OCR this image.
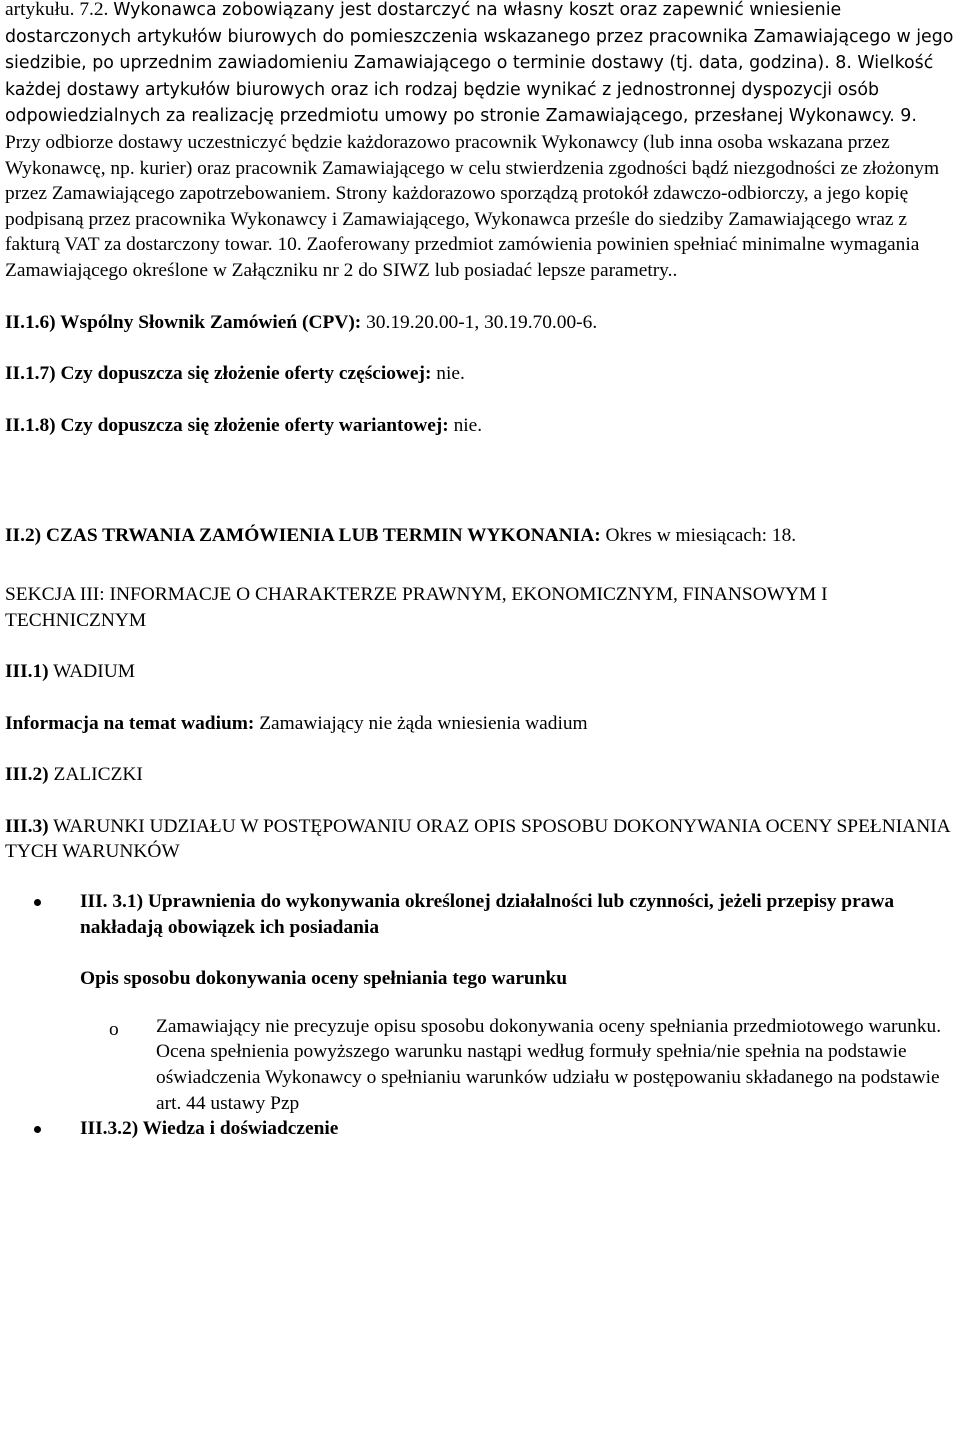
artykułu. 7.2. Wykonawca zobowiązany jest dostarczyć na własny koszt oraz zapewnić wniesienie dostarczonych artykułów biurowych do pomieszczenia wskazanego przez pracownika Zamawiającego w jego siedzibie, po uprzednim zawiadomieniu Zamawiającego o terminie dostawy (tj. data, godzina). 8. Wielkość każdej dostawy artykułów biurowych oraz ich rodzaj będzie wynikać z jednostronnej dyspozycji osób odpowiedzialnych za realizację przedmiotu umowy po stronie Zamawiającego, przesłanej Wykonawcy. 9. Przy odbiorze dostawy uczestniczyć będzie każdorazowo pracownik Wykonawcy (lub inna osoba wskazana przez Wykonawcę, np. kurier) oraz pracownik Zamawiającego w celu stwierdzenia zgodności bądź niezgodności ze złożonym przez Zamawiającego zapotrzebowaniem. Strony każdorazowo sporządzą protokół zdawczo-odbiorczy, a jego kopię podpisaną przez pracownika Wykonawcy i Zamawiającego, Wykonawca prześle do siedziby Zamawiającego wraz z fakturą VAT za dostarczony towar. 10. Zaoferowany przedmiot zamówienia powinien spełniać minimalne wymagania Zamawiającego określone w Załączniku nr 2 do SIWZ lub posiadać lepsze parametry..

II.1.6) Wspólny Słownik Zamówień (CPV): 30.19.20.00-1, 30.19.70.00-6.

II.1.7) Czy dopuszcza się złożenie oferty częściowej: nie.

II.1.8) Czy dopuszcza się złożenie oferty wariantowej: nie.

II.2) CZAS TRWANIA ZAMÓWIENIA LUB TERMIN WYKONANIA: Okres w miesiącach: 18.

SEKCJA III: INFORMACJE O CHARAKTERZE PRAWNYM, EKONOMICZNYM, FINANSOWYM I TECHNICZNYM

III.1) WADIUM

Informacja na temat wadium: Zamawiający nie żąda wniesienia wadium

III.2) ZALICZKI

III.3) WARUNKI UDZIAŁU W POSTĘPOWANIU ORAZ OPIS SPOSOBU DOKONYWANIA OCENY SPEŁNIANIA TYCH WARUNKÓW

III. 3.1) Uprawnienia do wykonywania określonej działalności lub czynności, jeżeli przepisy prawa nakładają obowiązek ich posiadania
Opis sposobu dokonywania oceny spełniania tego warunku
o Zamawiający nie precyzuje opisu sposobu dokonywania oceny spełniania przedmiotowego warunku. Ocena spełnienia powyższego warunku nastąpi według formuły spełnia/nie spełnia na podstawie oświadczenia Wykonawcy o spełnianiu warunków udziału w postępowaniu składanego na podstawie art. 44 ustawy Pzp
III.3.2) Wiedza i doświadczenie
